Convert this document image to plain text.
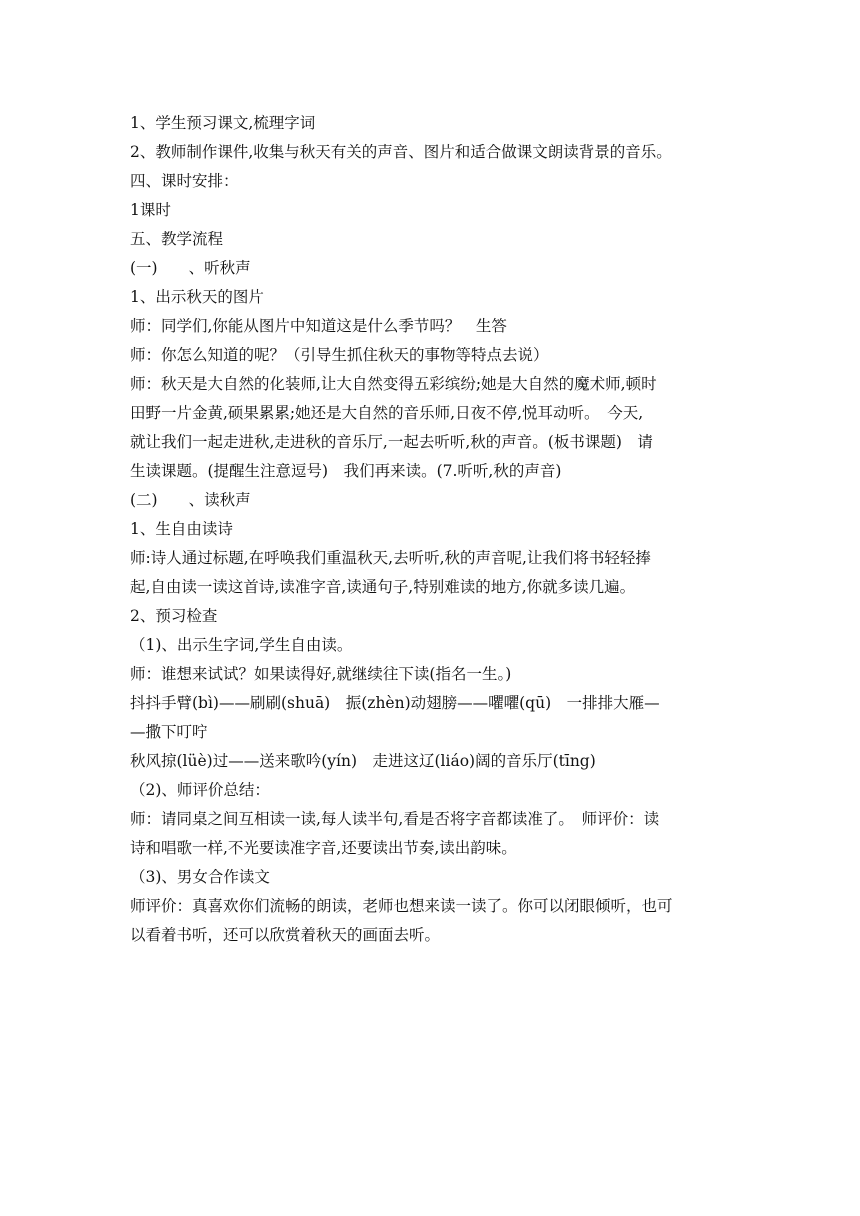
1、学生预习课文,梳理字词
2、教师制作课件,收集与秋天有关的声音、图片和适合做课文朗读背景的音乐。
四、课时安排：
1课时
五、教学流程
(一)　　、听秋声
1、出示秋天的图片
师：同学们,你能从图片中知道这是什么季节吗？　生答
师：你怎么知道的呢？（引导生抓住秋天的事物等特点去说）
师：秋天是大自然的化装师,让大自然变得五彩缤纷;她是大自然的魔术师,顿时
田野一片金黄,硕果累累;她还是大自然的音乐师,日夜不停,悦耳动听。　今天,
就让我们一起走进秋,走进秋的音乐厅,一起去听听,秋的声音。(板书课题)　请
生读课题。(提醒生注意逗号)　我们再来读。(7.听听,秋的声音)
(二)　　、读秋声
1、生自由读诗
师:诗人通过标题,在呼唤我们重温秋天,去听听,秋的声音呢,让我们将书轻轻捧
起,自由读一读这首诗,读准字音,读通句子,特别难读的地方,你就多读几遍。
2、预习检查
（1)、出示生字词,学生自由读。
师：谁想来试试？如果读得好,就继续往下读(指名一生。)
抖抖手臂(bì)——刷刷(shuā)　振(zhèn)动翅膀——㘗㘗(qū)　一排排大雁—
—撒下叮咛
秋风掠(lüè)过——送来歌吟(yín)　走进这辽(liáo)阔的音乐厅(tīng)
（2)、师评价总结：
师：请同桌之间互相读一读,每人读半句,看是否将字音都读准了。　师评价：读
诗和唱歌一样,不光要读准字音,还要读出节奏,读出韵味。
（3)、男女合作读文
师评价：真喜欢你们流畅的朗读，老师也想来读一读了。你可以闭眼倾听，也可
以看着书听，还可以欣赏着秋天的画面去听。
